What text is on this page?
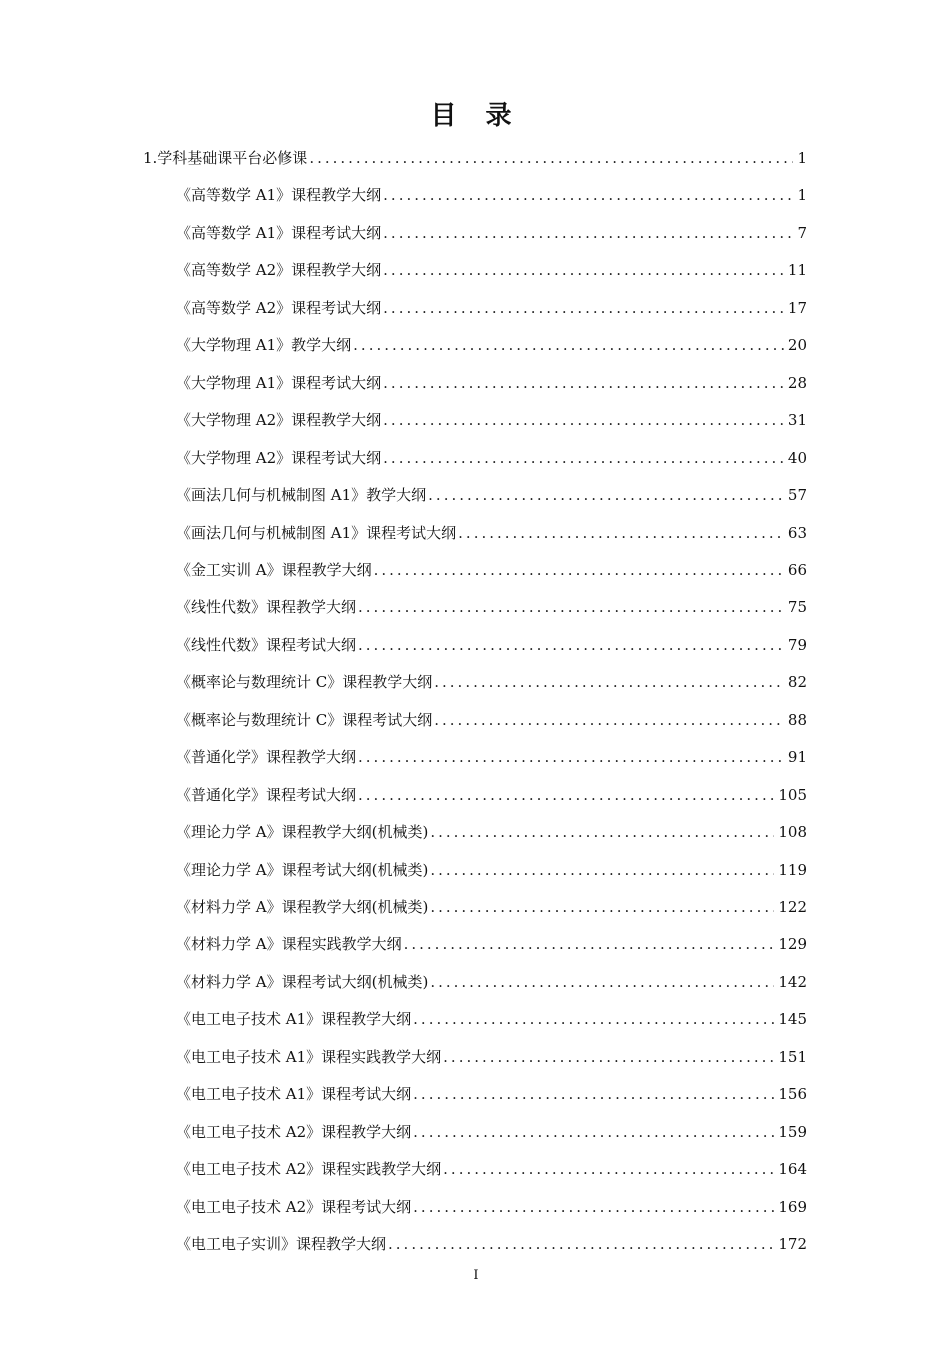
目 录
1.学科基础课平台必修课 .....	1
《高等数学 A1》课程教学大纲 .....	1
《高等数学 A1》课程考试大纲 .....	7
《高等数学 A2》课程教学大纲 .....	11
《高等数学 A2》课程考试大纲 .....	17
《大学物理 A1》教学大纲 .....	20
《大学物理 A1》课程考试大纲 .....	28
《大学物理 A2》课程教学大纲 .....	31
《大学物理 A2》课程考试大纲 .....	40
《画法几何与机械制图 A1》教学大纲 .....	57
《画法几何与机械制图 A1》课程考试大纲 .....	63
《金工实训 A》课程教学大纲 .....	66
《线性代数》课程教学大纲 .....	75
《线性代数》课程考试大纲 .....	79
《概率论与数理统计 C》课程教学大纲 .....	82
《概率论与数理统计 C》课程考试大纲 .....	88
《普通化学》课程教学大纲 .....	91
《普通化学》课程考试大纲 .....	105
《理论力学 A》课程教学大纲(机械类) .....	108
《理论力学 A》课程考试大纲(机械类) .....	119
《材料力学 A》课程教学大纲(机械类) .....	122
《材料力学 A》课程实践教学大纲 .....	129
《材料力学 A》课程考试大纲(机械类) .....	142
《电工电子技术 A1》课程教学大纲 .....	145
《电工电子技术 A1》课程实践教学大纲 .....	151
《电工电子技术 A1》课程考试大纲 .....	156
《电工电子技术 A2》课程教学大纲 .....	159
《电工电子技术 A2》课程实践教学大纲 .....	164
《电工电子技术 A2》课程考试大纲 .....	169
《电工电子实训》课程教学大纲 .....	172
I
